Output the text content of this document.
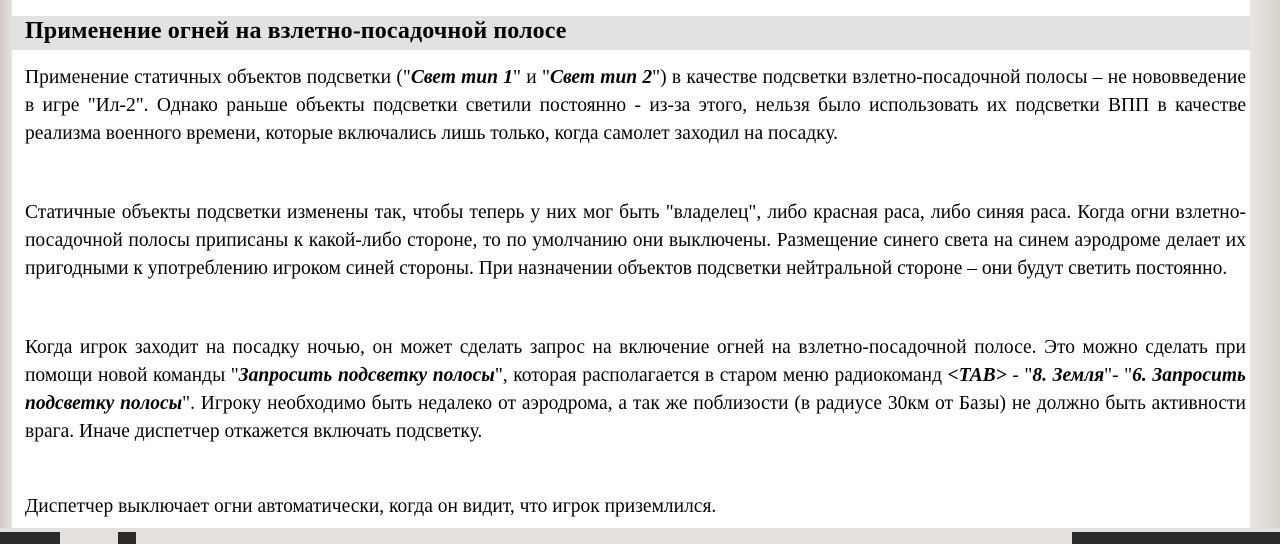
Применение огней на взлетно-посадочной полосе

Применение статичных объектов подсветки ("Свет тип 1" и "Свет тип 2") в качестве подсветки взлетно-посадочной полосы – не нововведение в игре "Ил-2". Однако раньше объекты подсветки светили постоянно - из-за этого, нельзя было использовать их подсветки ВПП в качестве реализма военного времени, которые включались лишь только, когда самолет заходил на посадку.

Статичные объекты подсветки изменены так, чтобы теперь у них мог быть "владелец", либо красная раса, либо синяя раса. Когда огни взлетно-посадочной полосы приписаны к какой-либо стороне, то по умолчанию они выключены. Размещение синего света на синем аэродроме делает их пригодными к употреблению игроком синей стороны. При назначении объектов подсветки нейтральной стороне – они будут светить постоянно.

Когда игрок заходит на посадку ночью, он может сделать запрос на включение огней на взлетно-посадочной полосе. Это можно сделать при помощи новой команды "Запросить подсветку полосы", которая располагается в старом меню радиокоманд <TAB> - "8. Земля"- "6. Запросить подсветку полосы". Игроку необходимо быть недалеко от аэродрома, а так же поблизости (в радиусе 30км от Базы) не должно быть активности врага. Иначе диспетчер откажется включать подсветку.

Диспетчер выключает огни автоматически, когда он видит, что игрок приземлился.
